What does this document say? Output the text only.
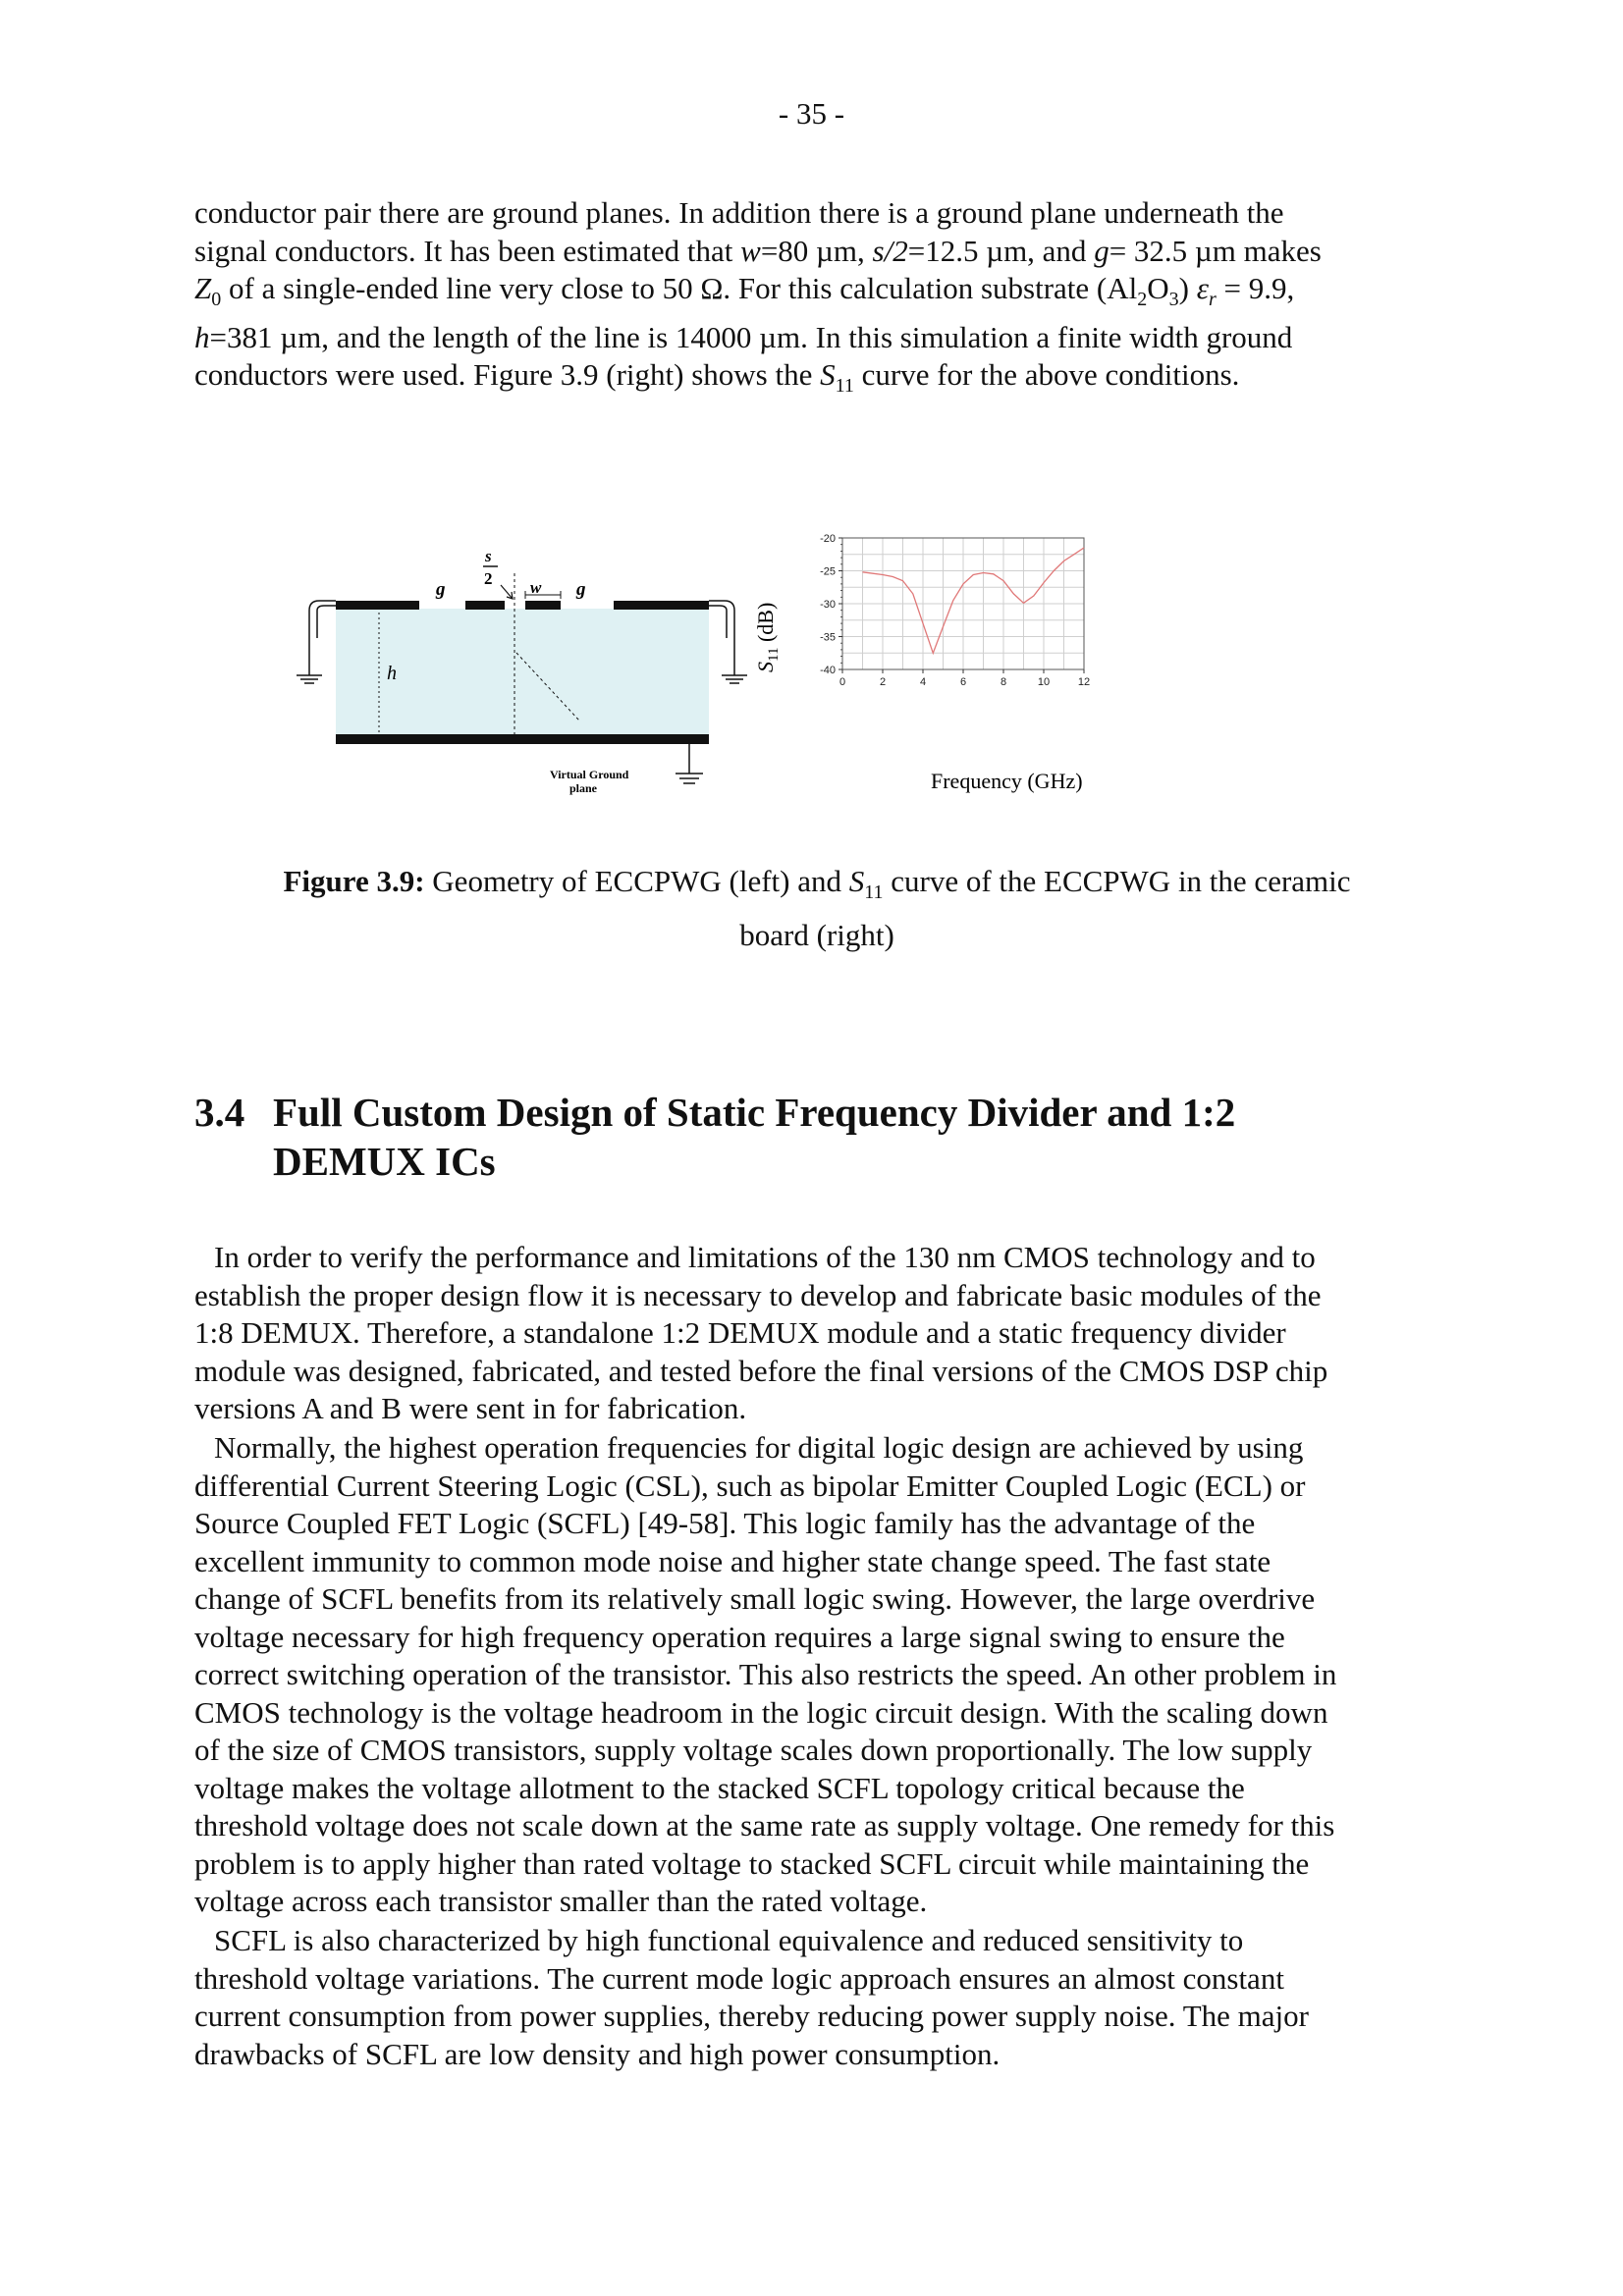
- 35 -
conductor pair there are ground planes. In addition there is a ground plane underneath the
signal conductors. It has been estimated that w=80 µm, s/2=12.5 µm, and g= 32.5 µm makes
$Z_0$ of a single-ended line very close to 50 Ω. For this calculation substrate $(Al_2O_3) \varepsilon_r = 9.9$,
h=381 µm, and the length of the line is 14000 µm. In this simulation a finite width ground
conductors were used. Figure 3.9 (right) shows the $S_{11}$ curve for the above conditions.
h
g
s
2 w g
Virtual Ground
plane
$S_{11}$ (dB)
Frequency (GHz)
-20
-25
-30
-35
-40
0	2	4	6	8	10	12
Figure 3.9: Geometry of ECCPWG (left) and $S_{11}$ curve of the ECCPWG in the ceramic
board (right)
3.4 Full Custom Design of Static Frequency Divider and 1:2
DEMUX ICs
In order to verify the performance and limitations of the 130 nm CMOS technology and to
establish the proper design flow it is necessary to develop and fabricate basic modules of the
1:8 DEMUX. Therefore, a standalone 1:2 DEMUX module and a static frequency divider
module was designed, fabricated, and tested before the final versions of the CMOS DSP chip
versions A and B were sent in for fabrication.
Normally, the highest operation frequencies for digital logic design are achieved by using
differential Current Steering Logic (CSL), such as bipolar Emitter Coupled Logic (ECL) or
Source Coupled FET Logic (SCFL) [49-58]. This logic family has the advantage of the
excellent immunity to common mode noise and higher state change speed. The fast state
change of SCFL benefits from its relatively small logic swing. However, the large overdrive
voltage necessary for high frequency operation requires a large signal swing to ensure the
correct switching operation of the transistor. This also restricts the speed. An other problem in
CMOS technology is the voltage headroom in the logic circuit design. With the scaling down
of the size of CMOS transistors, supply voltage scales down proportionally. The low supply
voltage makes the voltage allotment to the stacked SCFL topology critical because the
threshold voltage does not scale down at the same rate as supply voltage. One remedy for this
problem is to apply higher than rated voltage to stacked SCFL circuit while maintaining the
voltage across each transistor smaller than the rated voltage.
SCFL is also characterized by high functional equivalence and reduced sensitivity to
threshold voltage variations. The current mode logic approach ensures an almost constant
current consumption from power supplies, thereby reducing power supply noise. The major
drawbacks of SCFL are low density and high power consumption.
